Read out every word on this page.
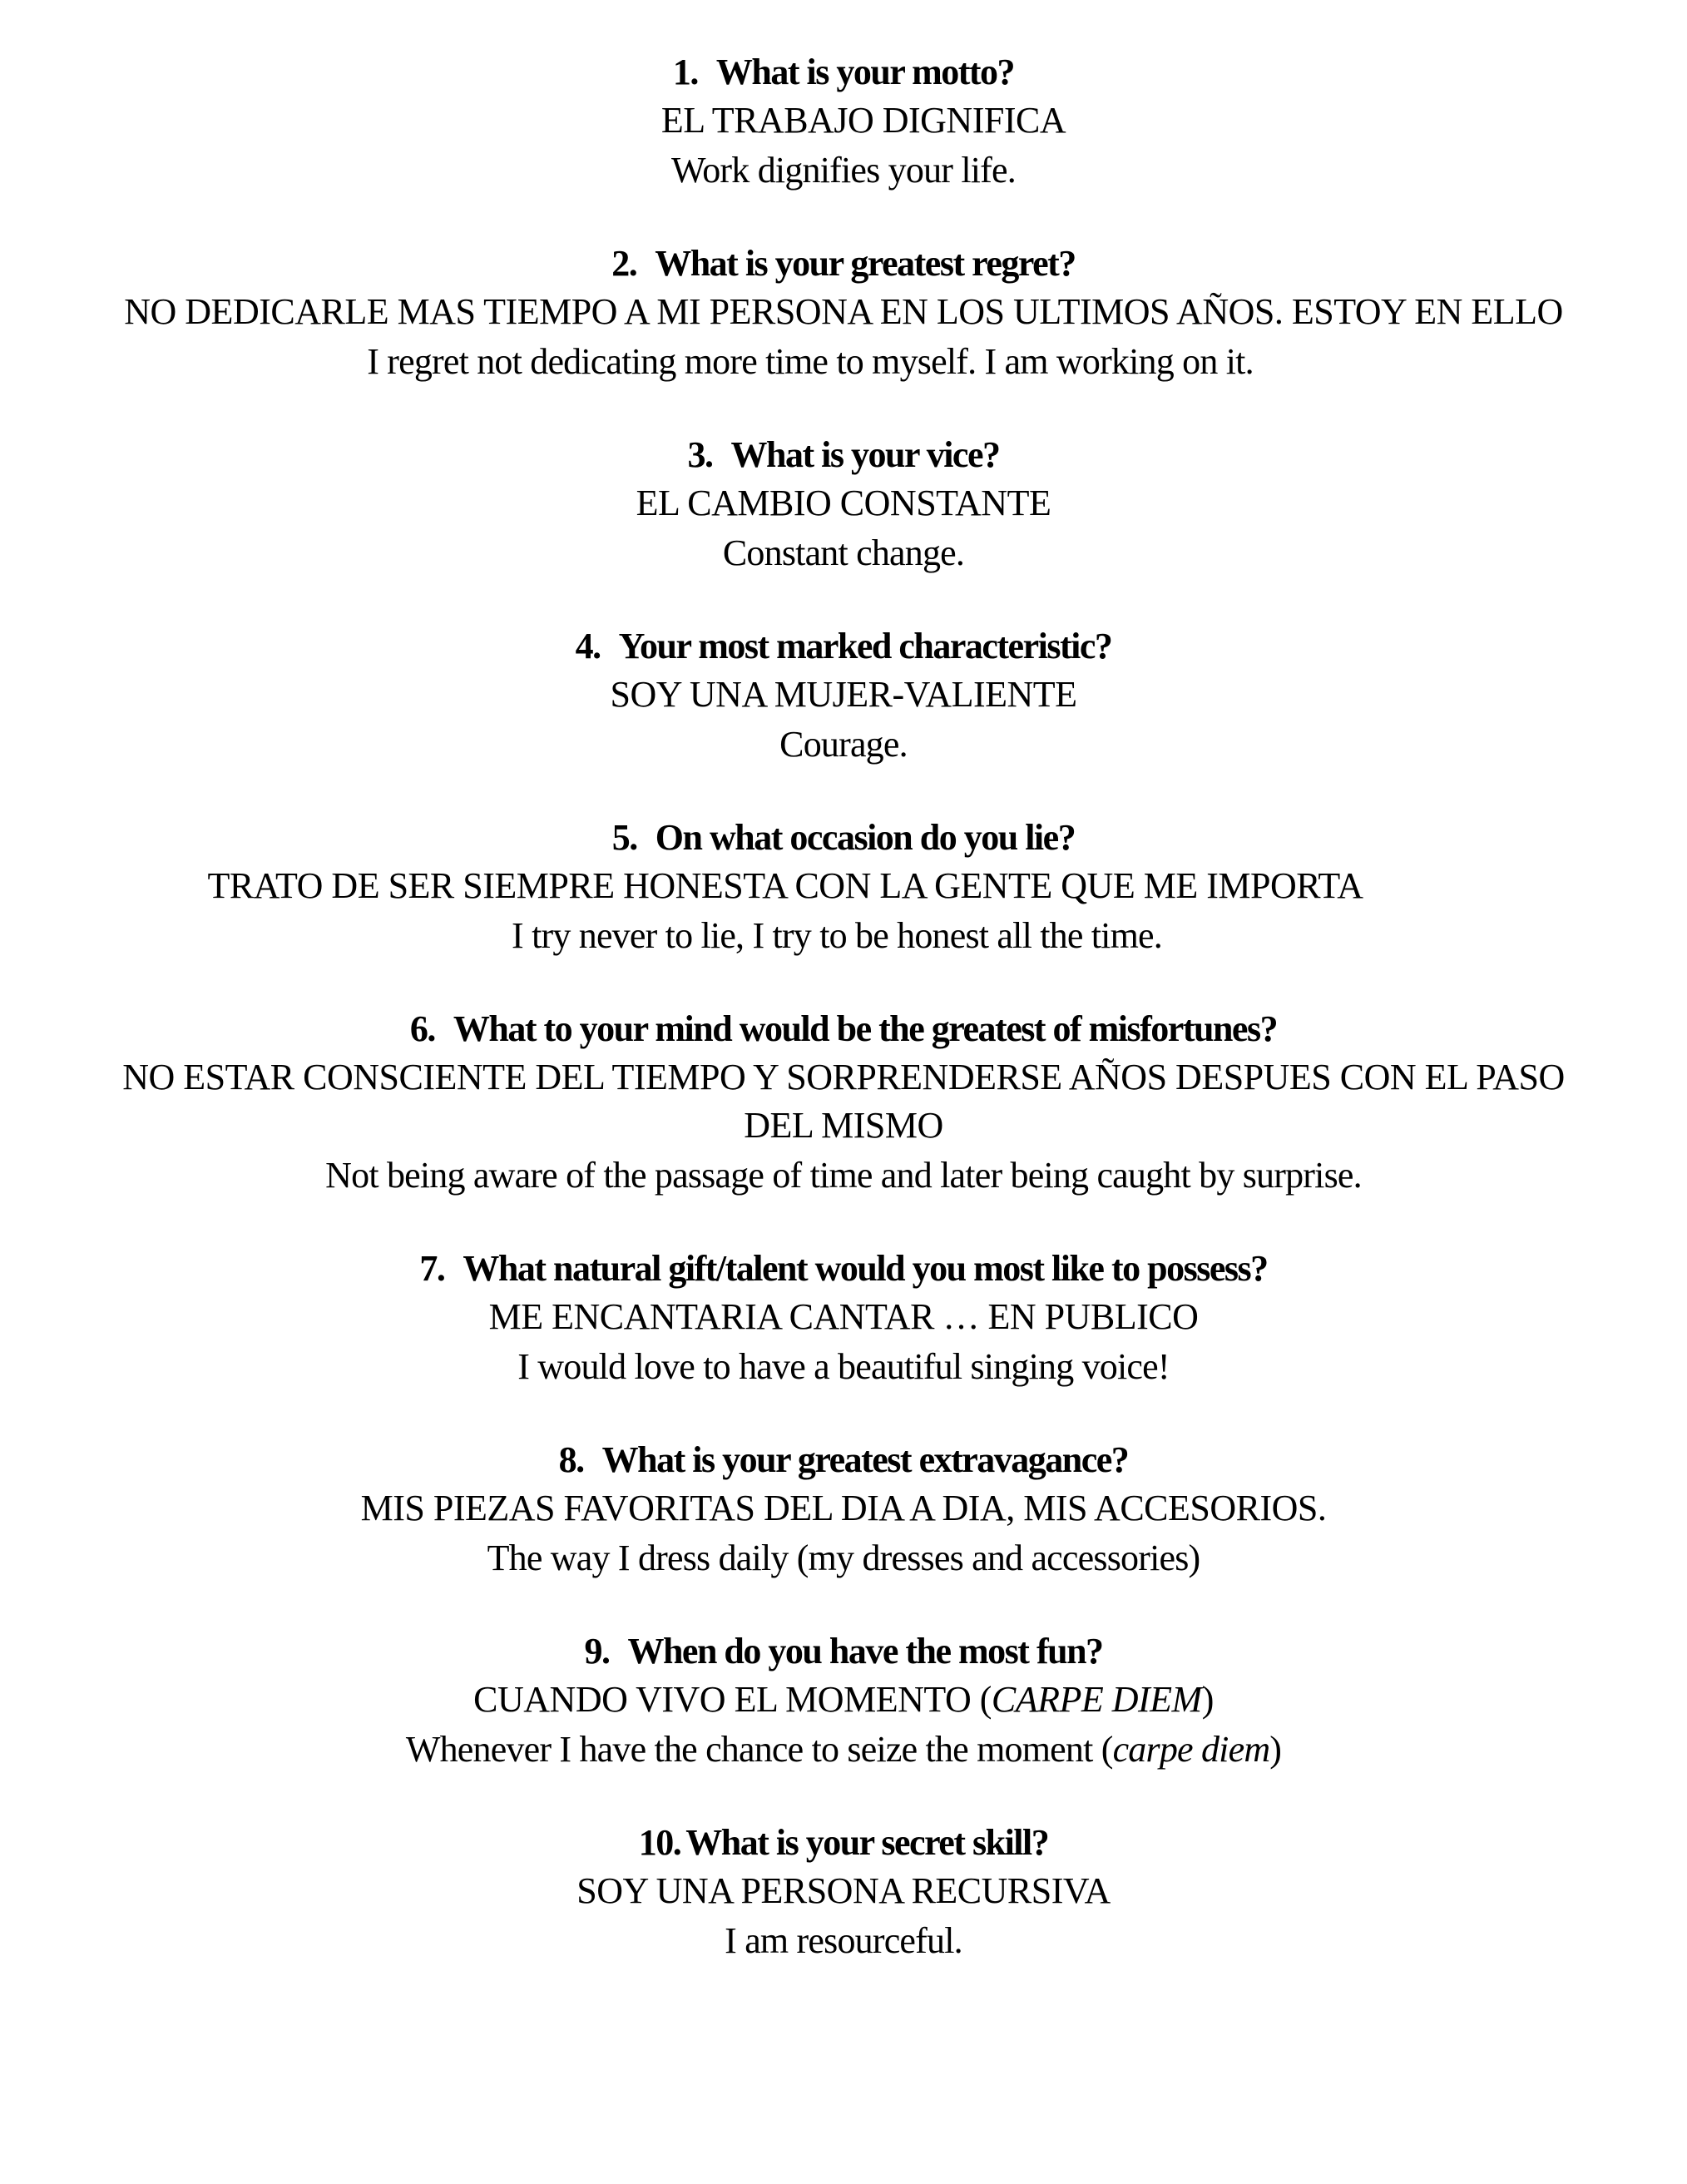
1. What is your motto?

EL TRABAJO DIGNIFICA

Work dignifies your life.

2. What is your greatest regret?

NO DEDICARLE MAS TIEMPO A MI PERSONA EN LOS ULTIMOS AÑOS. ESTOY EN ELLO

I regret not dedicating more time to myself. I am working on it.

3. What is your vice?

EL CAMBIO CONSTANTE

Constant change.

4. Your most marked characteristic?

SOY UNA MUJER-VALIENTE

Courage.

5. On what occasion do you lie?

TRATO DE SER SIEMPRE HONESTA CON LA GENTE QUE ME IMPORTA

I try never to lie, I try to be honest all the time.

6. What to your mind would be the greatest of misfortunes?

NO ESTAR CONSCIENTE DEL TIEMPO Y SORPRENDERSE AÑOS DESPUES CON EL PASO DEL MISMO

Not being aware of the passage of time and later being caught by surprise.

7. What natural gift/talent would you most like to possess?

ME ENCANTARIA CANTAR … EN PUBLICO

I would love to have a beautiful singing voice!

8. What is your greatest extravagance?

MIS PIEZAS FAVORITAS DEL DIA A DIA, MIS ACCESORIOS.

The way I dress daily (my dresses and accessories)

9. When do you have the most fun?

CUANDO VIVO EL MOMENTO (CARPE DIEM)

Whenever I have the chance to seize the moment (carpe diem)

10. What is your secret skill?

SOY UNA PERSONA RECURSIVA

I am resourceful.
